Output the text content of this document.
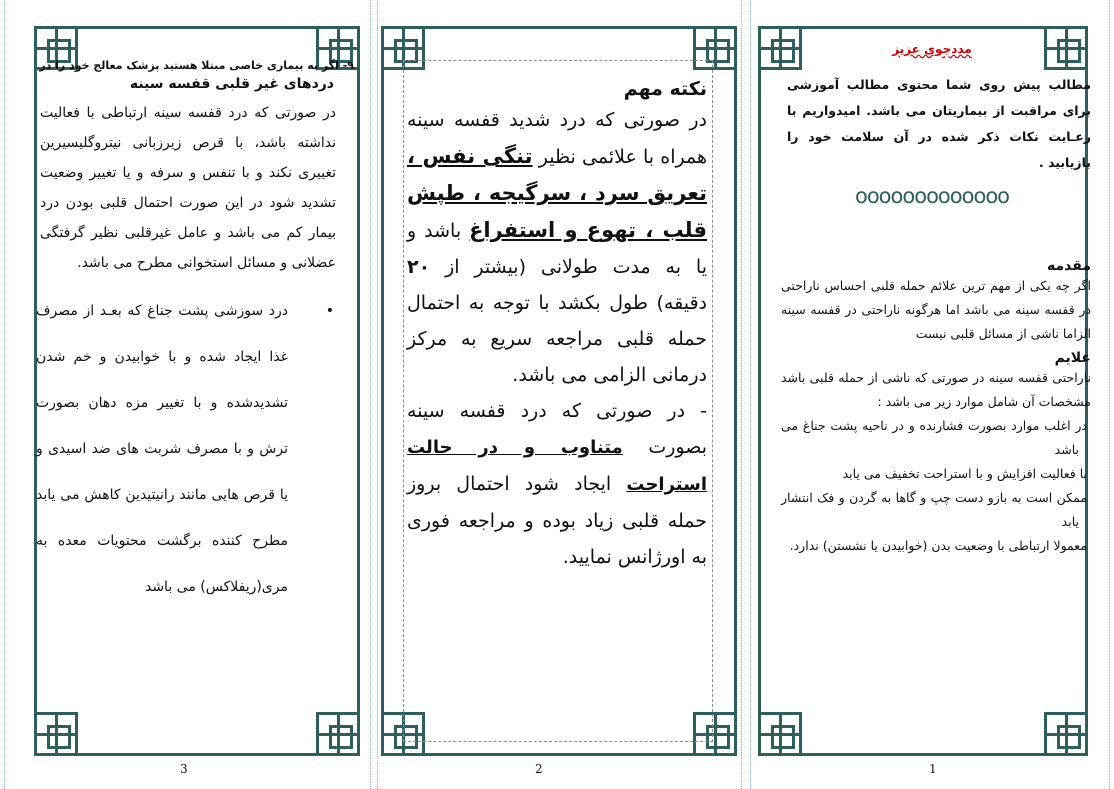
۹- اگر به بیماری خاصی مبتلا هستید پزشک معالج خود را در
دردهای غیر قلبی قفسه سینه
در صورتی که درد قفسه سینه ارتباطی با فعالیت نداشته باشد، با قرص زیرزبانی نیتروگلیسیرین تغییری نکند و با تنفس و سرفه و یا تغییر وضعیت تشدید شود در این صورت احتمال قلبی بودن درد بیمار کم می باشد و عامل غیرقلبی نظیر گرفتگی عضلانی و مسائل استخوانی مطرح می باشد.
•
درد سوزشی پشت جناغ که بعـد از مصرف غذا ایجاد شده و با خوابیدن و خم شدن تشدیدشده و با تغییر مزه دهان بصورت ترش و با مصرف شربت های ضد اسیدی و یا قرص هایی مانند رانیتیدین کاهش می یابد مطرح کننده برگشت محتویات معده به مری(ریفلاکس) می باشد
3
نکته مهم
در صورتی که درد شدید قفسه سینه همراه با علائمی نظیر تنگی نفس ، تعریق سرد ، سرگیجه ، طپش قلب ، تهوع و استفراغ باشد و یا به مدت طولانی (بیشتر از ۲۰ دقیقه) طول بکشد با توجه به احتمال حمله قلبی مراجعه سریع به مرکز درمانی الزامی می باشد.
- در صورتی که درد قفسه سینه بصورت متناوب و در حالت استراحت ایجاد شود احتمال بروز حمله قلبی زیاد بوده و مراجعه فوری به اورژانس نمایید.
2
مددجوی عزیز
مطالب پیش روی شما محتوی مطالب آموزشی برای مراقبت از بیماریتان می باشد. امیدواریم با رعـایت نکات ذکر شده در آن سلامت خود را بازیابید .
ooooooooooooo
مقدمه
اگر چه یکی از مهم ترین علائم حمله قلبی احساس ناراحتی در قفسه سینه می باشد اما هرگونه ناراحتی در قفسه سینه الزاما ناشی از مسائل قلبی نیست
علایم
ناراحتی قفسه سینه در صورتی که ناشی از حمله قلبی باشد مشخصات آن شامل موارد زیر می باشد :
در اغلب موارد بصورت فشارنده و در ناحیه پشت جناغ می باشد
با فعالیت افزایش و با استراحت تخفیف می یابد
ممکن است به بازو دست چپ و گاها به گردن و فک انتشار یابد
معمولا ارتباطی با وضعیت بدن (خوابیدن یا نشستن) ندارد.
1
